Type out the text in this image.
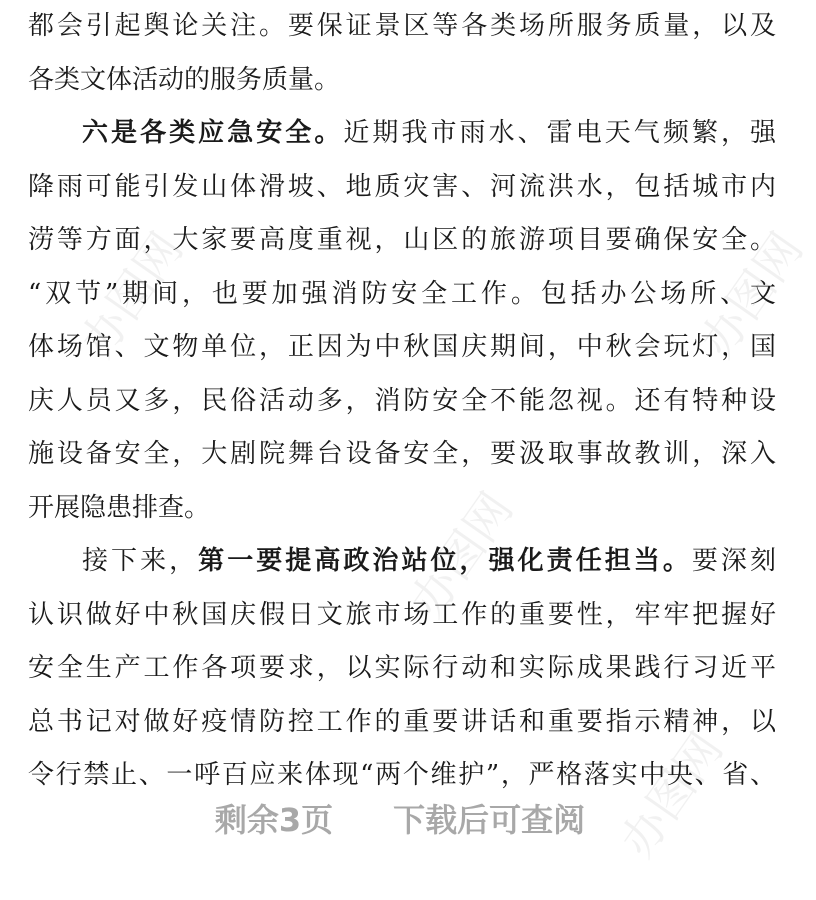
办图网
办图网
办图网
办图网
都会引起舆论关注。要保证景区等各类场所服务质量，以及
各类文体活动的服务质量。
六是各类应急安全。近期我市雨水、雷电天气频繁，强
降雨可能引发山体滑坡、地质灾害、河流洪水，包括城市内
涝等方面，大家要高度重视，山区的旅游项目要确保安全。
“双节”期间，也要加强消防安全工作。包括办公场所、文
体场馆、文物单位，正因为中秋国庆期间，中秋会玩灯，国
庆人员又多，民俗活动多，消防安全不能忽视。还有特种设
施设备安全，大剧院舞台设备安全，要汲取事故教训，深入
开展隐患排查。
接下来，第一要提高政治站位，强化责任担当。要深刻
认识做好中秋国庆假日文旅市场工作的重要性，牢牢把握好
安全生产工作各项要求，以实际行动和实际成果践行习近平
总书记对做好疫情防控工作的重要讲话和重要指示精神，以
令行禁止、一呼百应来体现“两个维护”，严格落实中央、省、
剩余3页 下载后可查阅
